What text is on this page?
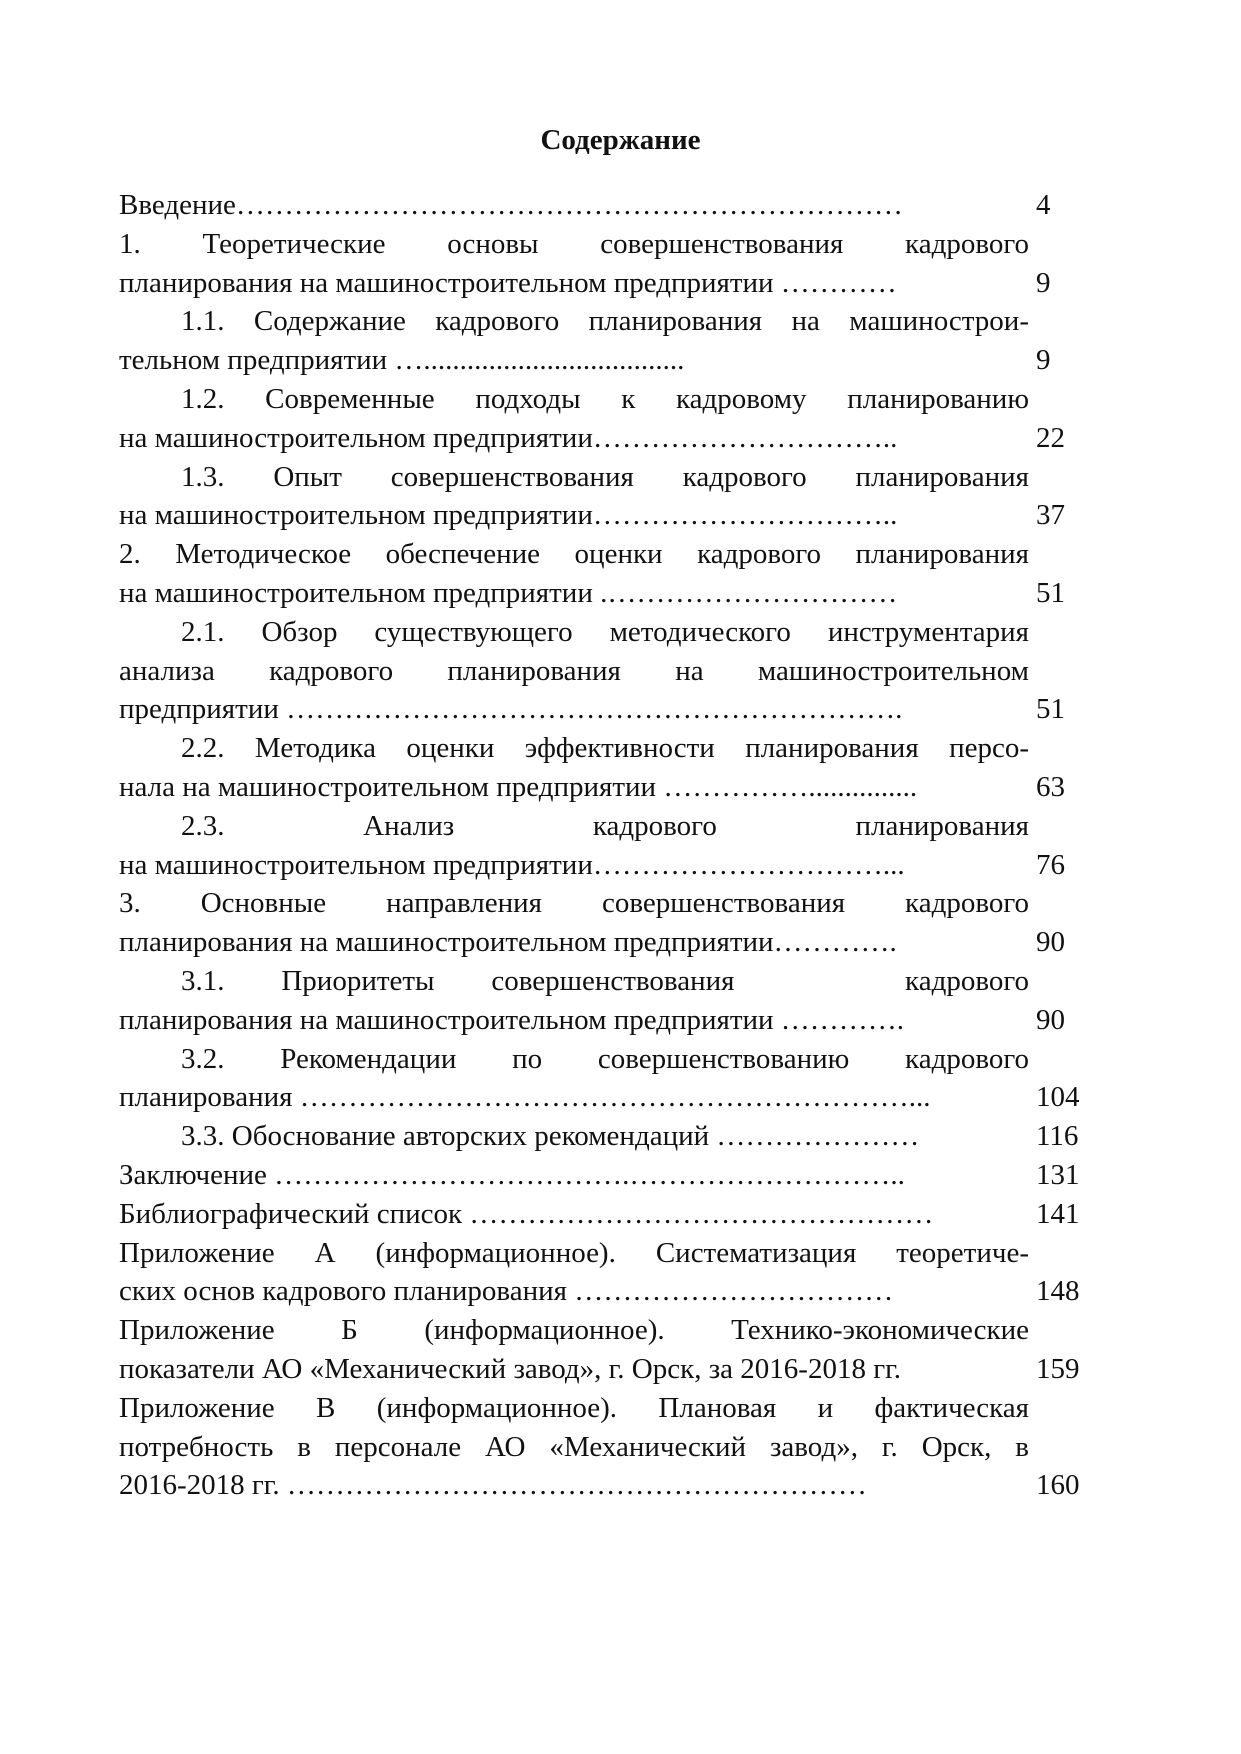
Содержание
Введение……………………………………………………………	4
1. Теоретические основы совершенствования кадрового
планирования на машиностроительном предприятии …………	9
1.1. Содержание кадрового планирования на машинострои-
тельном предприятии …....................................	9
1.2. Современные подходы к кадровому планированию
на машиностроительном предприятии…………………………..	22
1.3. Опыт совершенствования кадрового планирования
на машиностроительном предприятии…………………………..	37
2. Методическое обеспечение оценки кадрового планирования
на машиностроительном предприятии .…………………………	51
2.1. Обзор существующего методического инструментария
анализа кадрового планирования на машиностроительном
предприятии ……………………………………………………….	51
2.2. Методика оценки эффективности планирования персо-
нала на машиностроительном предприятии ……………...............	63
2.3. Анализ кадрового планирования
на машиностроительном предприятии…………………………...	76
3. Основные направления совершенствования кадрового
планирования на машиностроительном предприятии………….	90
3.1. Приоритеты совершенствования   кадрового
планирования на машиностроительном предприятии ………….	90
3.2. Рекомендации по совершенствованию кадрового
планирования ………………………………………………………...	104
3.3. Обоснование авторских рекомендаций …………………	116
Заключение ……………………………….………………………..	131
Библиографический список …………………………………………	141
Приложение А (информационное). Систематизация теоретиче-
ских основ кадрового планирования ……………………………	148
Приложение Б (информационное). Технико-экономические
показатели АО «Механический завод», г. Орск, за 2016-2018 гг.	159
Приложение В (информационное). Плановая и фактическая
потребность в персонале АО «Механический завод», г. Орск, в
2016-2018 гг. ……………………………………………………	160
